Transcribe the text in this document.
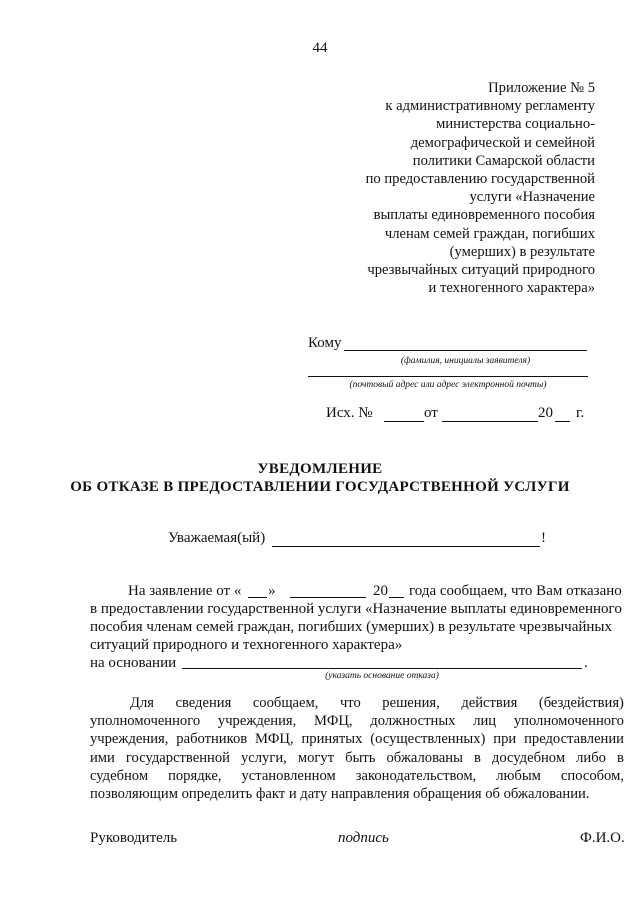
44
Приложение № 5
к административному регламенту
министерства социально-
демографической и семейной
политики Самарской области
по предоставлению государственной
услуги «Назначение
выплаты единовременного пособия
членам семей граждан, погибших
(умерших) в результате
чрезвычайных ситуаций природного
и техногенного характера»
Кому
(фамилия, инициалы заявителя)
(почтовый адрес или адрес электронной почты)
Исх. №	от	20 г.
УВЕДОМЛЕНИЕ
ОБ ОТКАЗЕ В ПРЕДОСТАВЛЕНИИ ГОСУДАРСТВЕННОЙ УСЛУГИ
Уважаемая(ый)	!
На заявление от « »	20 года сообщаем, что Вам отказано
в предоставлении государственной услуги «Назначение выплаты единовременного
пособия членам семей граждан, погибших (умерших) в результате чрезвычайных
ситуаций природного и техногенного характера»
на основании	.
(указать основание отказа)
Для сведения сообщаем, что решения, действия (бездействия)
уполномоченного учреждения, МФЦ, должностных лиц уполномоченного
учреждения, работников МФЦ, принятых (осуществленных) при предоставлении
ими государственной услуги, могут быть обжалованы в досудебном либо в
судебном порядке, установленном законодательством, любым способом,
позволяющим определить факт и дату направления обращения об обжаловании.
Руководитель	подпись	Ф.И.О.
